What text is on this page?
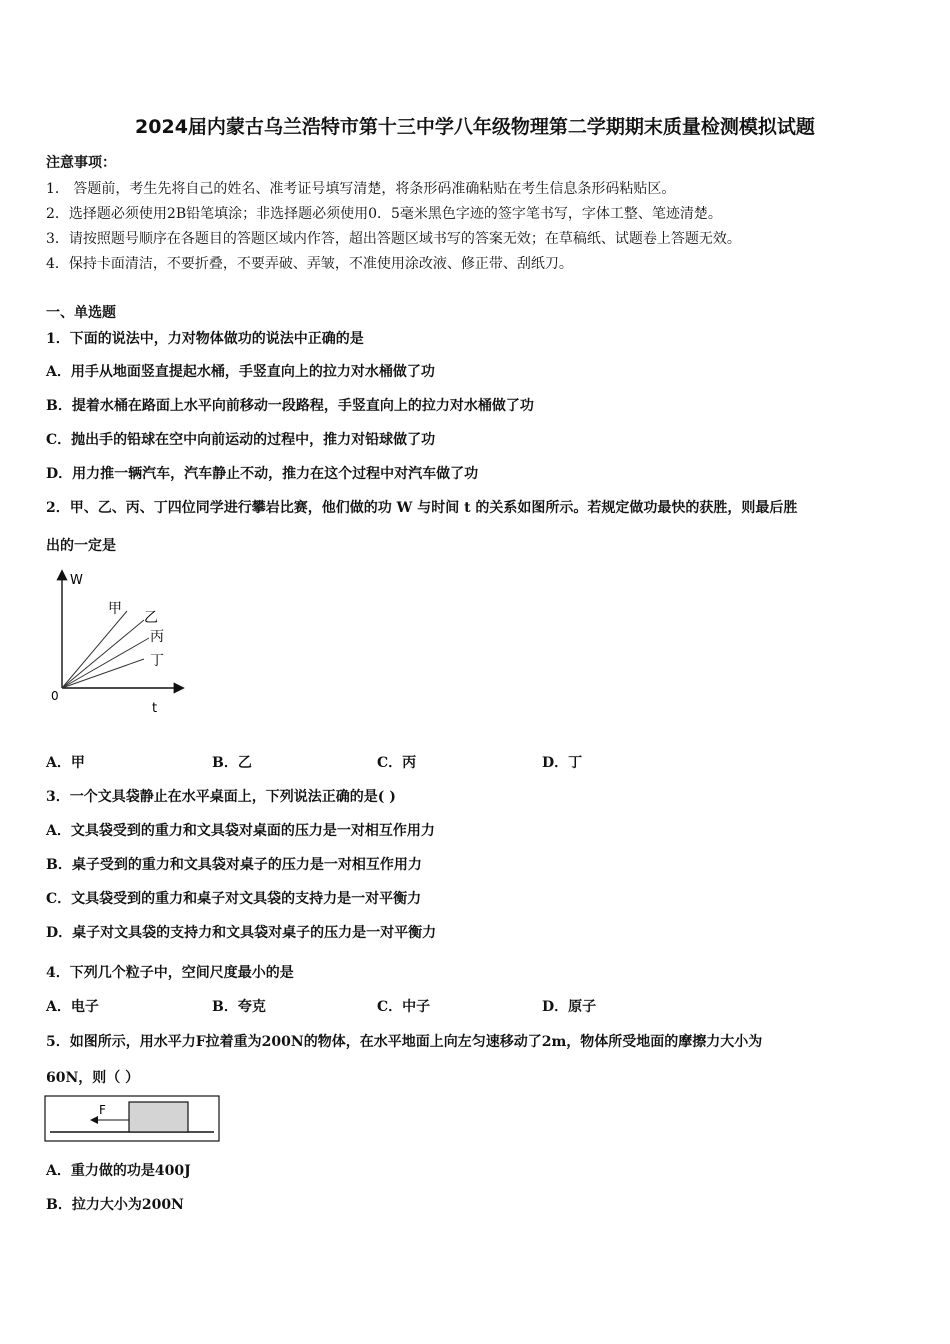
2024届内蒙古乌兰浩特市第十三中学八年级物理第二学期期末质量检测模拟试题
注意事项：
1． 答题前，考生先将自己的姓名、准考证号填写清楚，将条形码准确粘贴在考生信息条形码粘贴区。
2．选择题必须使用2B铅笔填涂；非选择题必须使用0．5毫米黑色字迹的签字笔书写，字体工整、笔迹清楚。
3．请按照题号顺序在各题目的答题区域内作答，超出答题区域书写的答案无效；在草稿纸、试题卷上答题无效。
4．保持卡面清洁，不要折叠，不要弄破、弄皱，不准使用涂改液、修正带、刮纸刀。
一、单选题
1．下面的说法中，力对物体做功的说法中正确的是
A．用手从地面竖直提起水桶，手竖直向上的拉力对水桶做了功
B．提着水桶在路面上水平向前移动一段路程，手竖直向上的拉力对水桶做了功
C．抛出手的铅球在空中向前运动的过程中，推力对铅球做了功
D．用力推一辆汽车，汽车静止不动，推力在这个过程中对汽车做了功
2．甲、乙、丙、丁四位同学进行攀岩比赛，他们做的功 W 与时间 t 的关系如图所示。若规定做功最快的获胜，则最后胜
出的一定是
W
t
0
甲
乙
丙
丁
A．甲	B．乙	C．丙	D．丁
3．一个文具袋静止在水平桌面上，下列说法正确的是( )
A．文具袋受到的重力和文具袋对桌面的压力是一对相互作用力
B．桌子受到的重力和文具袋对桌子的压力是一对相互作用力
C．文具袋受到的重力和桌子对文具袋的支持力是一对平衡力
D．桌子对文具袋的支持力和文具袋对桌子的压力是一对平衡力
4．下列几个粒子中，空间尺度最小的是
A．电子	B．夸克	C．中子	D．原子
5．如图所示，用水平力F拉着重为200N的物体，在水平地面上向左匀速移动了2m，物体所受地面的摩擦力大小为
60N，则（ ）
F
A．重力做的功是400J
B．拉力大小为200N
